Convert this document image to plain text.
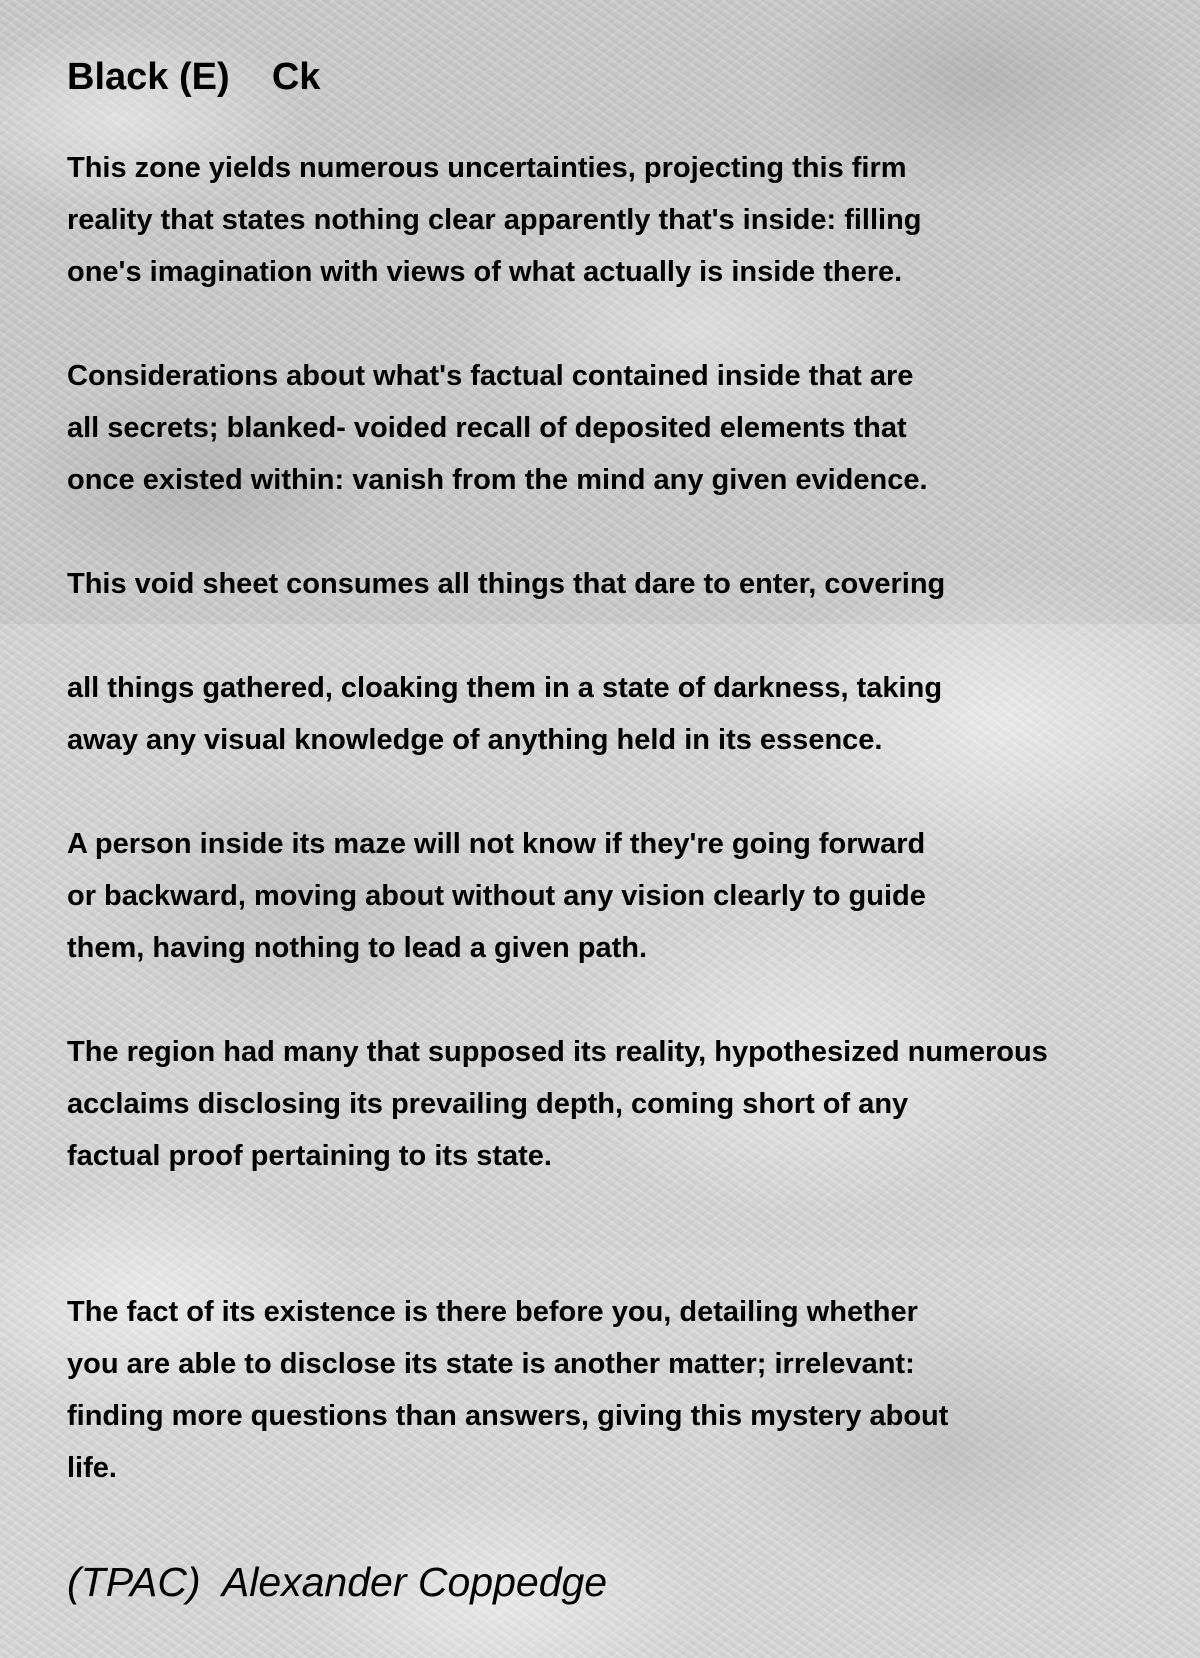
Black (E)    Ck
This zone yields numerous uncertainties, projecting this firm
reality that states nothing clear apparently that's inside: filling
one's imagination with views of what actually is inside there.

Considerations about what's factual contained inside that are
all secrets; blanked- voided recall of deposited elements that
once existed within: vanish from the mind any given evidence.

This void sheet consumes all things that dare to enter, covering

all things gathered, cloaking them in a state of darkness, taking
away any visual knowledge of anything held in its essence.

A person inside its maze will not know if they're going forward
or backward, moving about without any vision clearly to guide
them, having nothing to lead a given path.

The region had many that supposed its reality, hypothesized numerous
acclaims disclosing its prevailing depth, coming short of any
factual proof pertaining to its state.

The fact of its existence is there before you, detailing whether
you are able to disclose its state is another matter; irrelevant:
finding more questions than answers, giving this mystery about
life.
(TPAC)  Alexander Coppedge
